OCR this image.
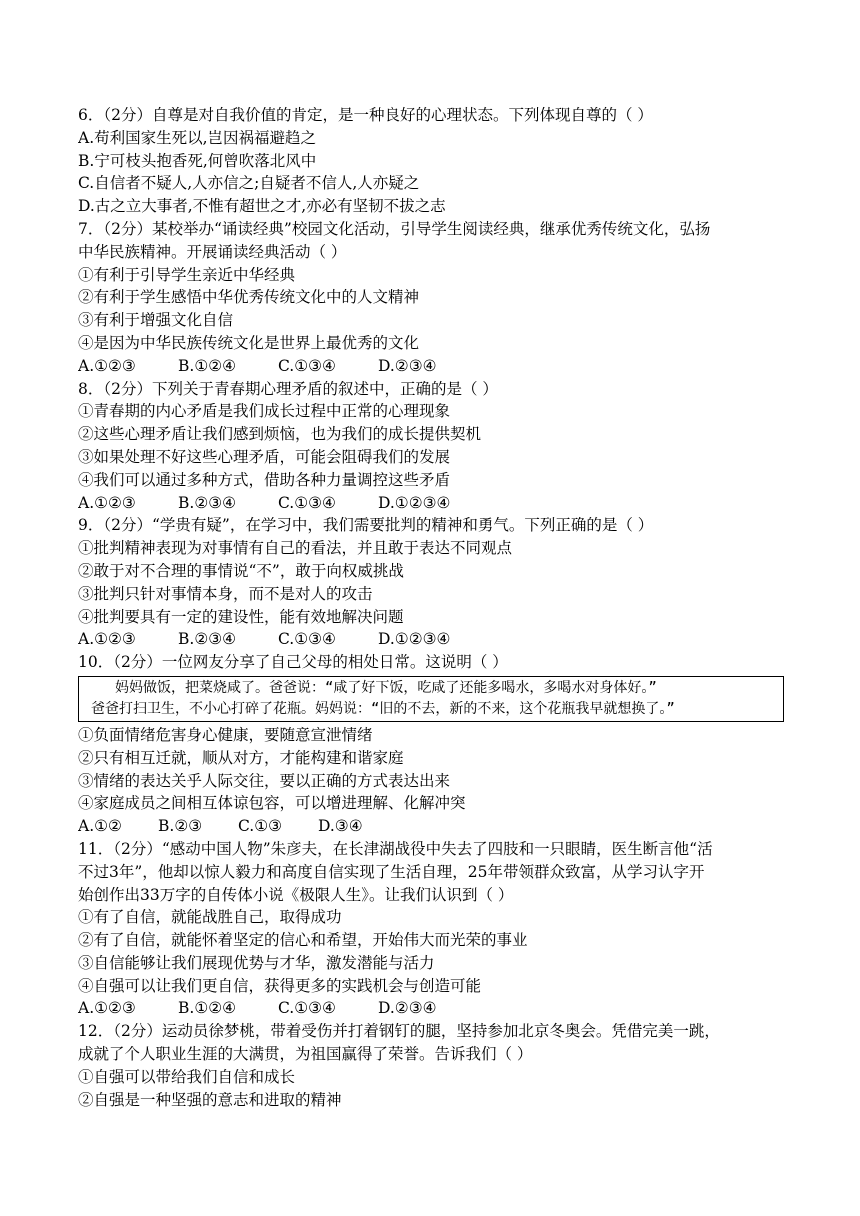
6．（2分）自尊是对自我价值的肯定，是一种良好的心理状态。下列体现自尊的（ ）
A.苟利国家生死以,岂因祸福避趋之
B.宁可枝头抱香死,何曾吹落北风中
C.自信者不疑人,人亦信之;自疑者不信人,人亦疑之
D.古之立大事者,不惟有超世之才,亦必有坚韧不拔之志
7．（2分）某校举办“诵读经典”校园文化活动，引导学生阅读经典，继承优秀传统文化，弘扬
中华民族精神。开展诵读经典活动（ ）
①有利于引导学生亲近中华经典
②有利于学生感悟中华优秀传统文化中的人文精神
③有利于增强文化自信
④是因为中华民族传统文化是世界上最优秀的文化
A.①②③	B.①②④	C.①③④	D.②③④
8．（2分）下列关于青春期心理矛盾的叙述中，正确的是（ ）
①青春期的内心矛盾是我们成长过程中正常的心理现象
②这些心理矛盾让我们感到烦恼，也为我们的成长提供契机
③如果处理不好这些心理矛盾，可能会阻碍我们的发展
④我们可以通过多种方式，借助各种力量调控这些矛盾
A.①②③	B.②③④	C.①③④	D.①②③④
9．（2分）“学贵有疑”，在学习中，我们需要批判的精神和勇气。下列正确的是（ ）
①批判精神表现为对事情有自己的看法，并且敢于表达不同观点
②敢于对不合理的事情说“不”，敢于向权威挑战
③批判只针对事情本身，而不是对人的攻击
④批判要具有一定的建设性，能有效地解决问题
A.①②③	B.②③④	C.①③④	D.①②③④
10．（2分）一位网友分享了自己父母的相处日常。这说明（ ）
妈妈做饭，把菜烧咸了。爸爸说：“咸了好下饭，吃咸了还能多喝水，多喝水对身体好。”
爸爸打扫卫生，不小心打碎了花瓶。妈妈说：“旧的不去，新的不来，这个花瓶我早就想换了。”
①负面情绪危害身心健康，要随意宣泄情绪
②只有相互迁就，顺从对方，才能构建和谐家庭
③情绪的表达关乎人际交往，要以正确的方式表达出来
④家庭成员之间相互体谅包容，可以增进理解、化解冲突
A.①②	B.②③	C.①③	D.③④
11．（2分）“感动中国人物”朱彦夫，在长津湖战役中失去了四肢和一只眼睛，医生断言他“活
不过3年”，他却以惊人毅力和高度自信实现了生活自理，25年带领群众致富，从学习认字开
始创作出33万字的自传体小说《极限人生》。让我们认识到（ ）
①有了自信，就能战胜自己，取得成功
②有了自信，就能怀着坚定的信心和希望，开始伟大而光荣的事业
③自信能够让我们展现优势与才华，激发潜能与活力
④自强可以让我们更自信，获得更多的实践机会与创造可能
A.①②③	B.①②④	C.①③④	D.②③④
12．（2分）运动员徐梦桃，带着受伤并打着钢钉的腿，坚持参加北京冬奥会。凭借完美一跳，
成就了个人职业生涯的大满贯，为祖国赢得了荣誉。告诉我们（ ）
①自强可以带给我们自信和成长
②自强是一种坚强的意志和进取的精神
